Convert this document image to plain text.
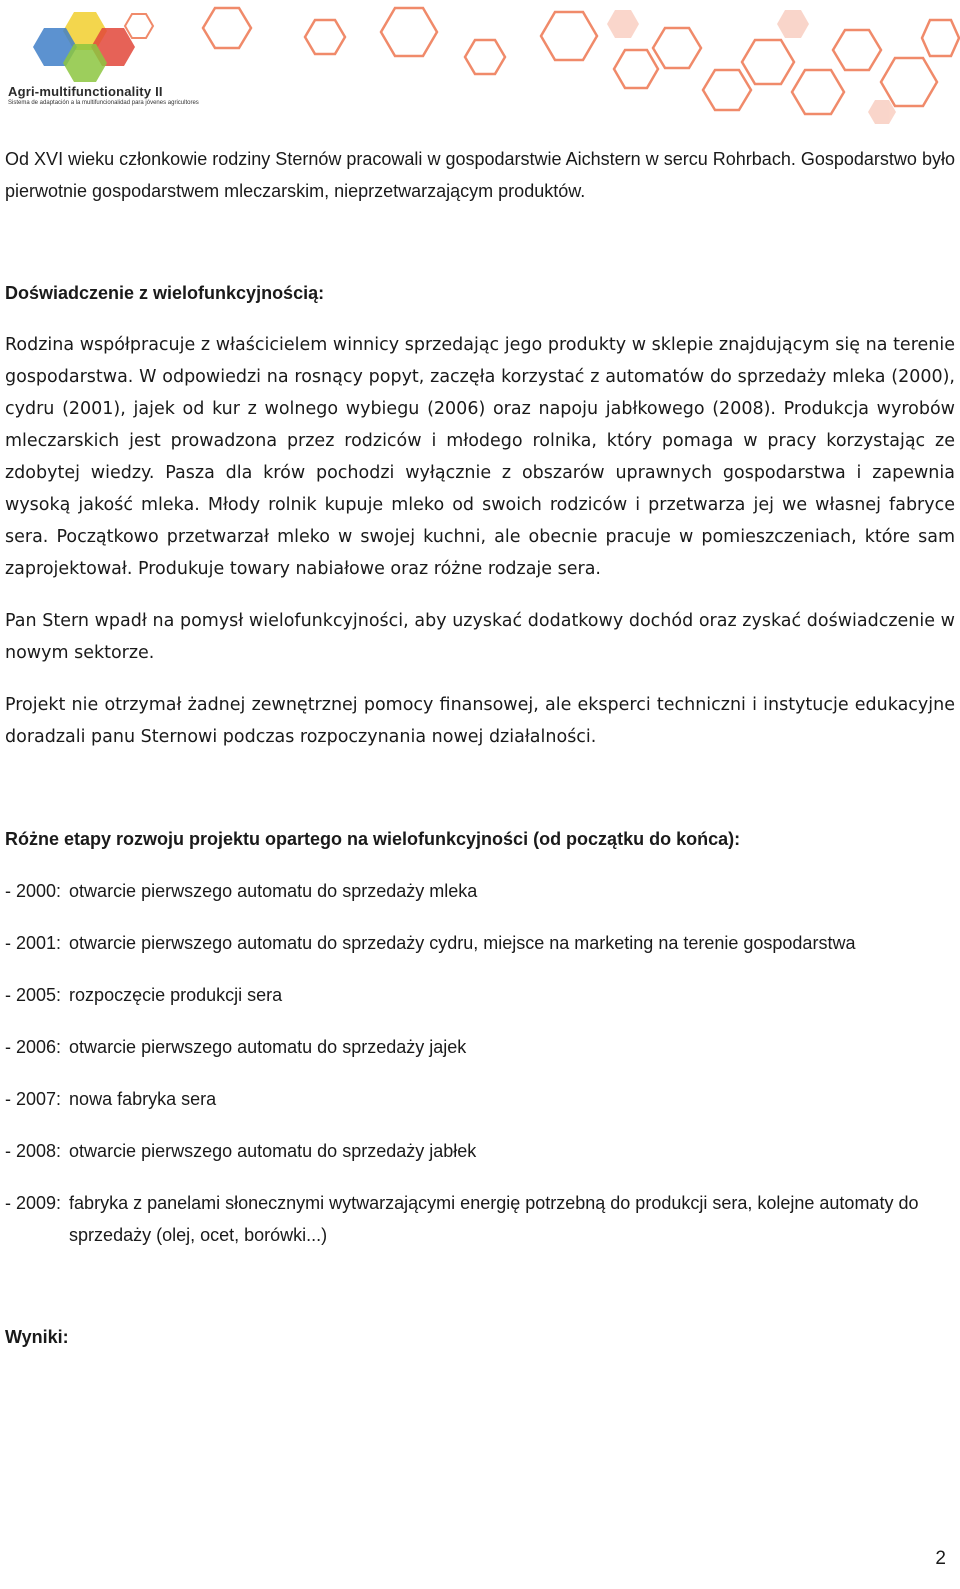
Agri-multifunctionality II
Sistema de adaptación a la multifuncionalidad para jóvenes agricultores

Od XVI wieku członkowie rodziny Sternów pracowali w gospodarstwie Aichstern w sercu Rohrbach. Gospodarstwo było pierwotnie gospodarstwem mleczarskim, nieprzetwarzającym produktów.

Doświadczenie z wielofunkcyjnością:

Rodzina współpracuje z właścicielem winnicy sprzedając jego produkty w sklepie znajdującym się na terenie gospodarstwa. W odpowiedzi na rosnący popyt, zaczęła korzystać z automatów do sprzedaży mleka (2000), cydru (2001), jajek od kur z wolnego wybiegu (2006) oraz napoju jabłkowego (2008). Produkcja wyrobów mleczarskich jest prowadzona przez rodziców i młodego rolnika, który pomaga w pracy korzystając ze zdobytej wiedzy. Pasza dla krów pochodzi wyłącznie z obszarów uprawnych gospodarstwa i zapewnia wysoką jakość mleka. Młody rolnik kupuje mleko od swoich rodziców i przetwarza jej we własnej fabryce sera. Początkowo przetwarzał mleko w swojej kuchni, ale obecnie pracuje w pomieszczeniach, które sam zaprojektował. Produkuje towary nabiałowe oraz różne rodzaje sera.

Pan Stern wpadł na pomysł wielofunkcyjności, aby uzyskać dodatkowy dochód oraz zyskać doświadczenie w nowym sektorze.

Projekt nie otrzymał żadnej zewnętrznej pomocy finansowej, ale eksperci techniczni i instytucje edukacyjne doradzali panu Sternowi podczas rozpoczynania nowej działalności.

Różne etapy rozwoju projektu opartego na wielofunkcyjności (od początku do końca):

- 2000: otwarcie pierwszego automatu do sprzedaży mleka
- 2001: otwarcie pierwszego automatu do sprzedaży cydru, miejsce na marketing na terenie gospodarstwa
- 2005: rozpoczęcie produkcji sera
- 2006: otwarcie pierwszego automatu do sprzedaży jajek
- 2007: nowa fabryka sera
- 2008: otwarcie pierwszego automatu do sprzedaży jabłek
- 2009: fabryka z panelami słonecznymi wytwarzającymi energię potrzebną do produkcji sera, kolejne automaty do sprzedaży (olej, ocet, borówki...)

Wyniki:

2
